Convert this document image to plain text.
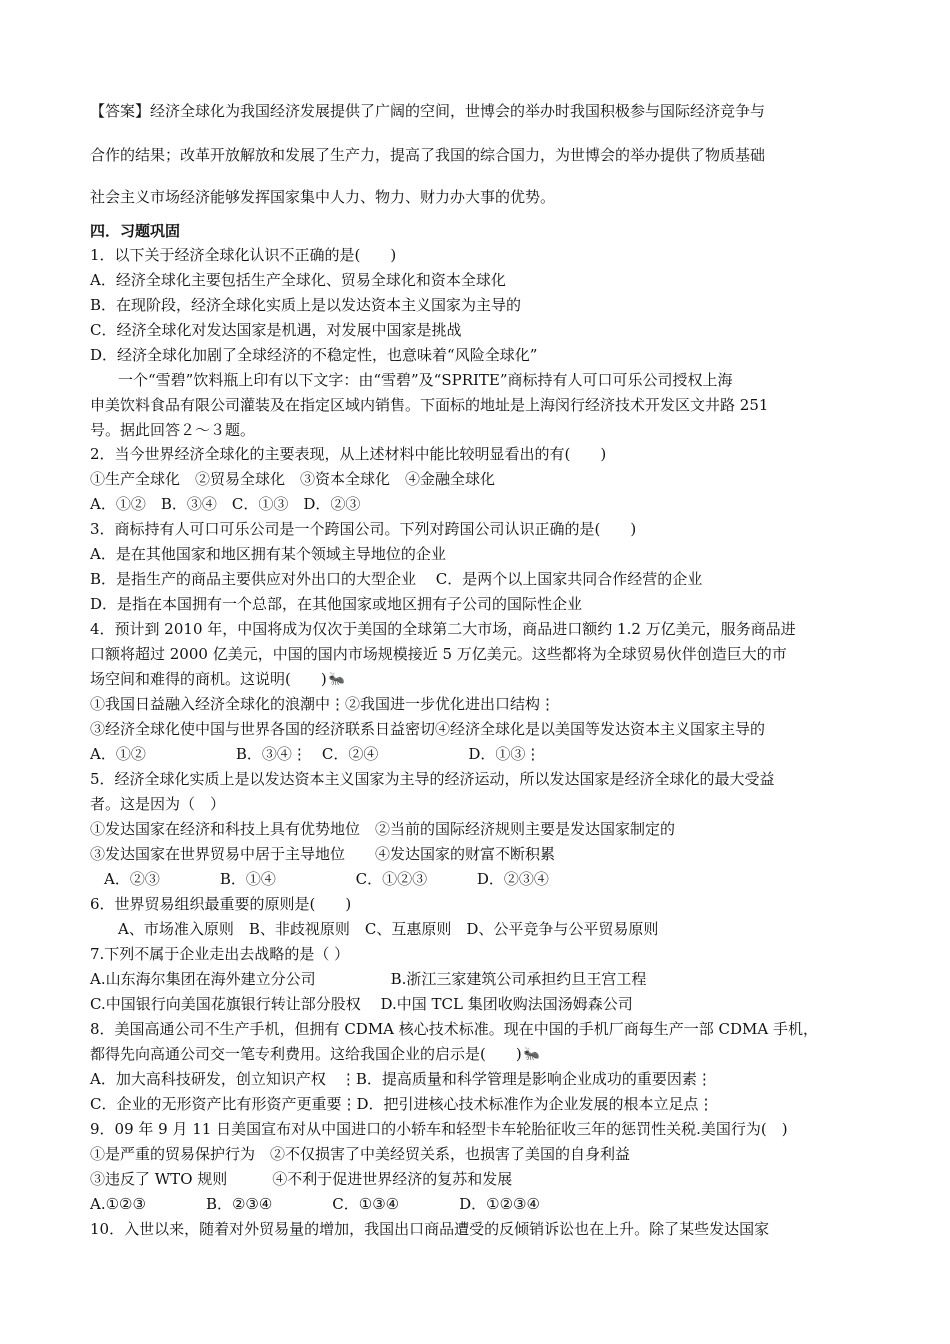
【答案】经济全球化为我国经济发展提供了广阔的空间，世博会的举办时我国积极参与国际经济竞争与
合作的结果；改革开放解放和发展了生产力，提高了我国的综合国力，为世博会的举办提供了物质基础
社会主义市场经济能够发挥国家集中人力、物力、财力办大事的优势。
四．习题巩固
1．以下关于经济全球化认识不正确的是(　　)
A．经济全球化主要包括生产全球化、贸易全球化和资本全球化
B．在现阶段，经济全球化实质上是以发达资本主义国家为主导的
C．经济全球化对发达国家是机遇，对发展中国家是挑战
D．经济全球化加剧了全球经济的不稳定性，也意味着“风险全球化”
一个“雪碧”饮料瓶上印有以下文字：由“雪碧”及“SPRITE”商标持有人可口可乐公司授权上海
申美饮料食品有限公司灌装及在指定区域内销售。下面标的地址是上海闵行经济技术开发区文井路 251
号。据此回答２～３题。
2．当今世界经济全球化的主要表现，从上述材料中能比较明显看出的有(　　)
①生产全球化　②贸易全球化　③资本全球化　④金融全球化
A．①②　B．③④　C．①③　D．②③
3．商标持有人可口可乐公司是一个跨国公司。下列对跨国公司认识正确的是(　　)
A．是在其他国家和地区拥有某个领域主导地位的企业
B．是指生产的商品主要供应对外出口的大型企业　 C．是两个以上国家共同合作经营的企业
D．是指在本国拥有一个总部，在其他国家或地区拥有子公司的国际性企业
4．预计到 2010 年，中国将成为仅次于美国的全球第二大市场，商品进口额约 1.2 万亿美元，服务商品进
口额将超过 2000 亿美元，中国的国内市场规模接近 5 万亿美元。这些都将为全球贸易伙伴创造巨大的市
场空间和难得的商机。这说明(　　) 🐜
①我国日益融入经济全球化的浪潮中⋮②我国进一步优化进出口结构⋮
③经济全球化使中国与世界各国的经济联系日益密切④经济全球化是以美国等发达资本主义国家主导的
A．①②　　　　　　B．③④⋮　C．②④　　　　　　D．①③⋮
5．经济全球化实质上是以发达资本主义国家为主导的经济运动，所以发达国家是经济全球化的最大受益
者。这是因为（　）
①发达国家在经济和科技上具有优势地位　②当前的国际经济规则主要是发达国家制定的
③发达国家在世界贸易中居于主导地位　　④发达国家的财富不断积累
A．②③　　　　B．①④　　　　　 C．①②③　　　 D．②③④
6．世界贸易组织最重要的原则是(　　)
A、市场准入原则　B、非歧视原则　C、互惠原则　D、公平竞争与公平贸易原则
7.下列不属于企业走出去战略的是（ ）
A.山东海尔集团在海外建立分公司　　　　　B.浙江三家建筑公司承担约旦王宫工程
C.中国银行向美国花旗银行转让部分股权　 D.中国 TCL 集团收购法国汤姆森公司
8．美国高通公司不生产手机，但拥有 CDMA 核心技术标准。现在中国的手机厂商每生产一部 CDMA 手机，
都得先向高通公司交一笔专利费用。这给我国企业的启示是(　　) 🐜
A．加大高科技研发，创立知识产权　⋮B．提高质量和科学管理是影响企业成功的重要因素⋮
C．企业的无形资产比有形资产更重要⋮D．把引进核心技术标准作为企业发展的根本立足点⋮
9．09 年 9 月 11 日美国宣布对从中国进口的小轿车和轻型卡车轮胎征收三年的惩罚性关税.美国行为(　)
①是严重的贸易保护行为　②不仅损害了中美经贸关系，也损害了美国的自身利益
③违反了 WTO 规则　　　④不利于促进世界经济的复苏和发展
A.①②③　　　　B．②③④　　　　C．①③④　　　　D．①②③④
10．入世以来，随着对外贸易量的增加，我国出口商品遭受的反倾销诉讼也在上升。除了某些发达国家
